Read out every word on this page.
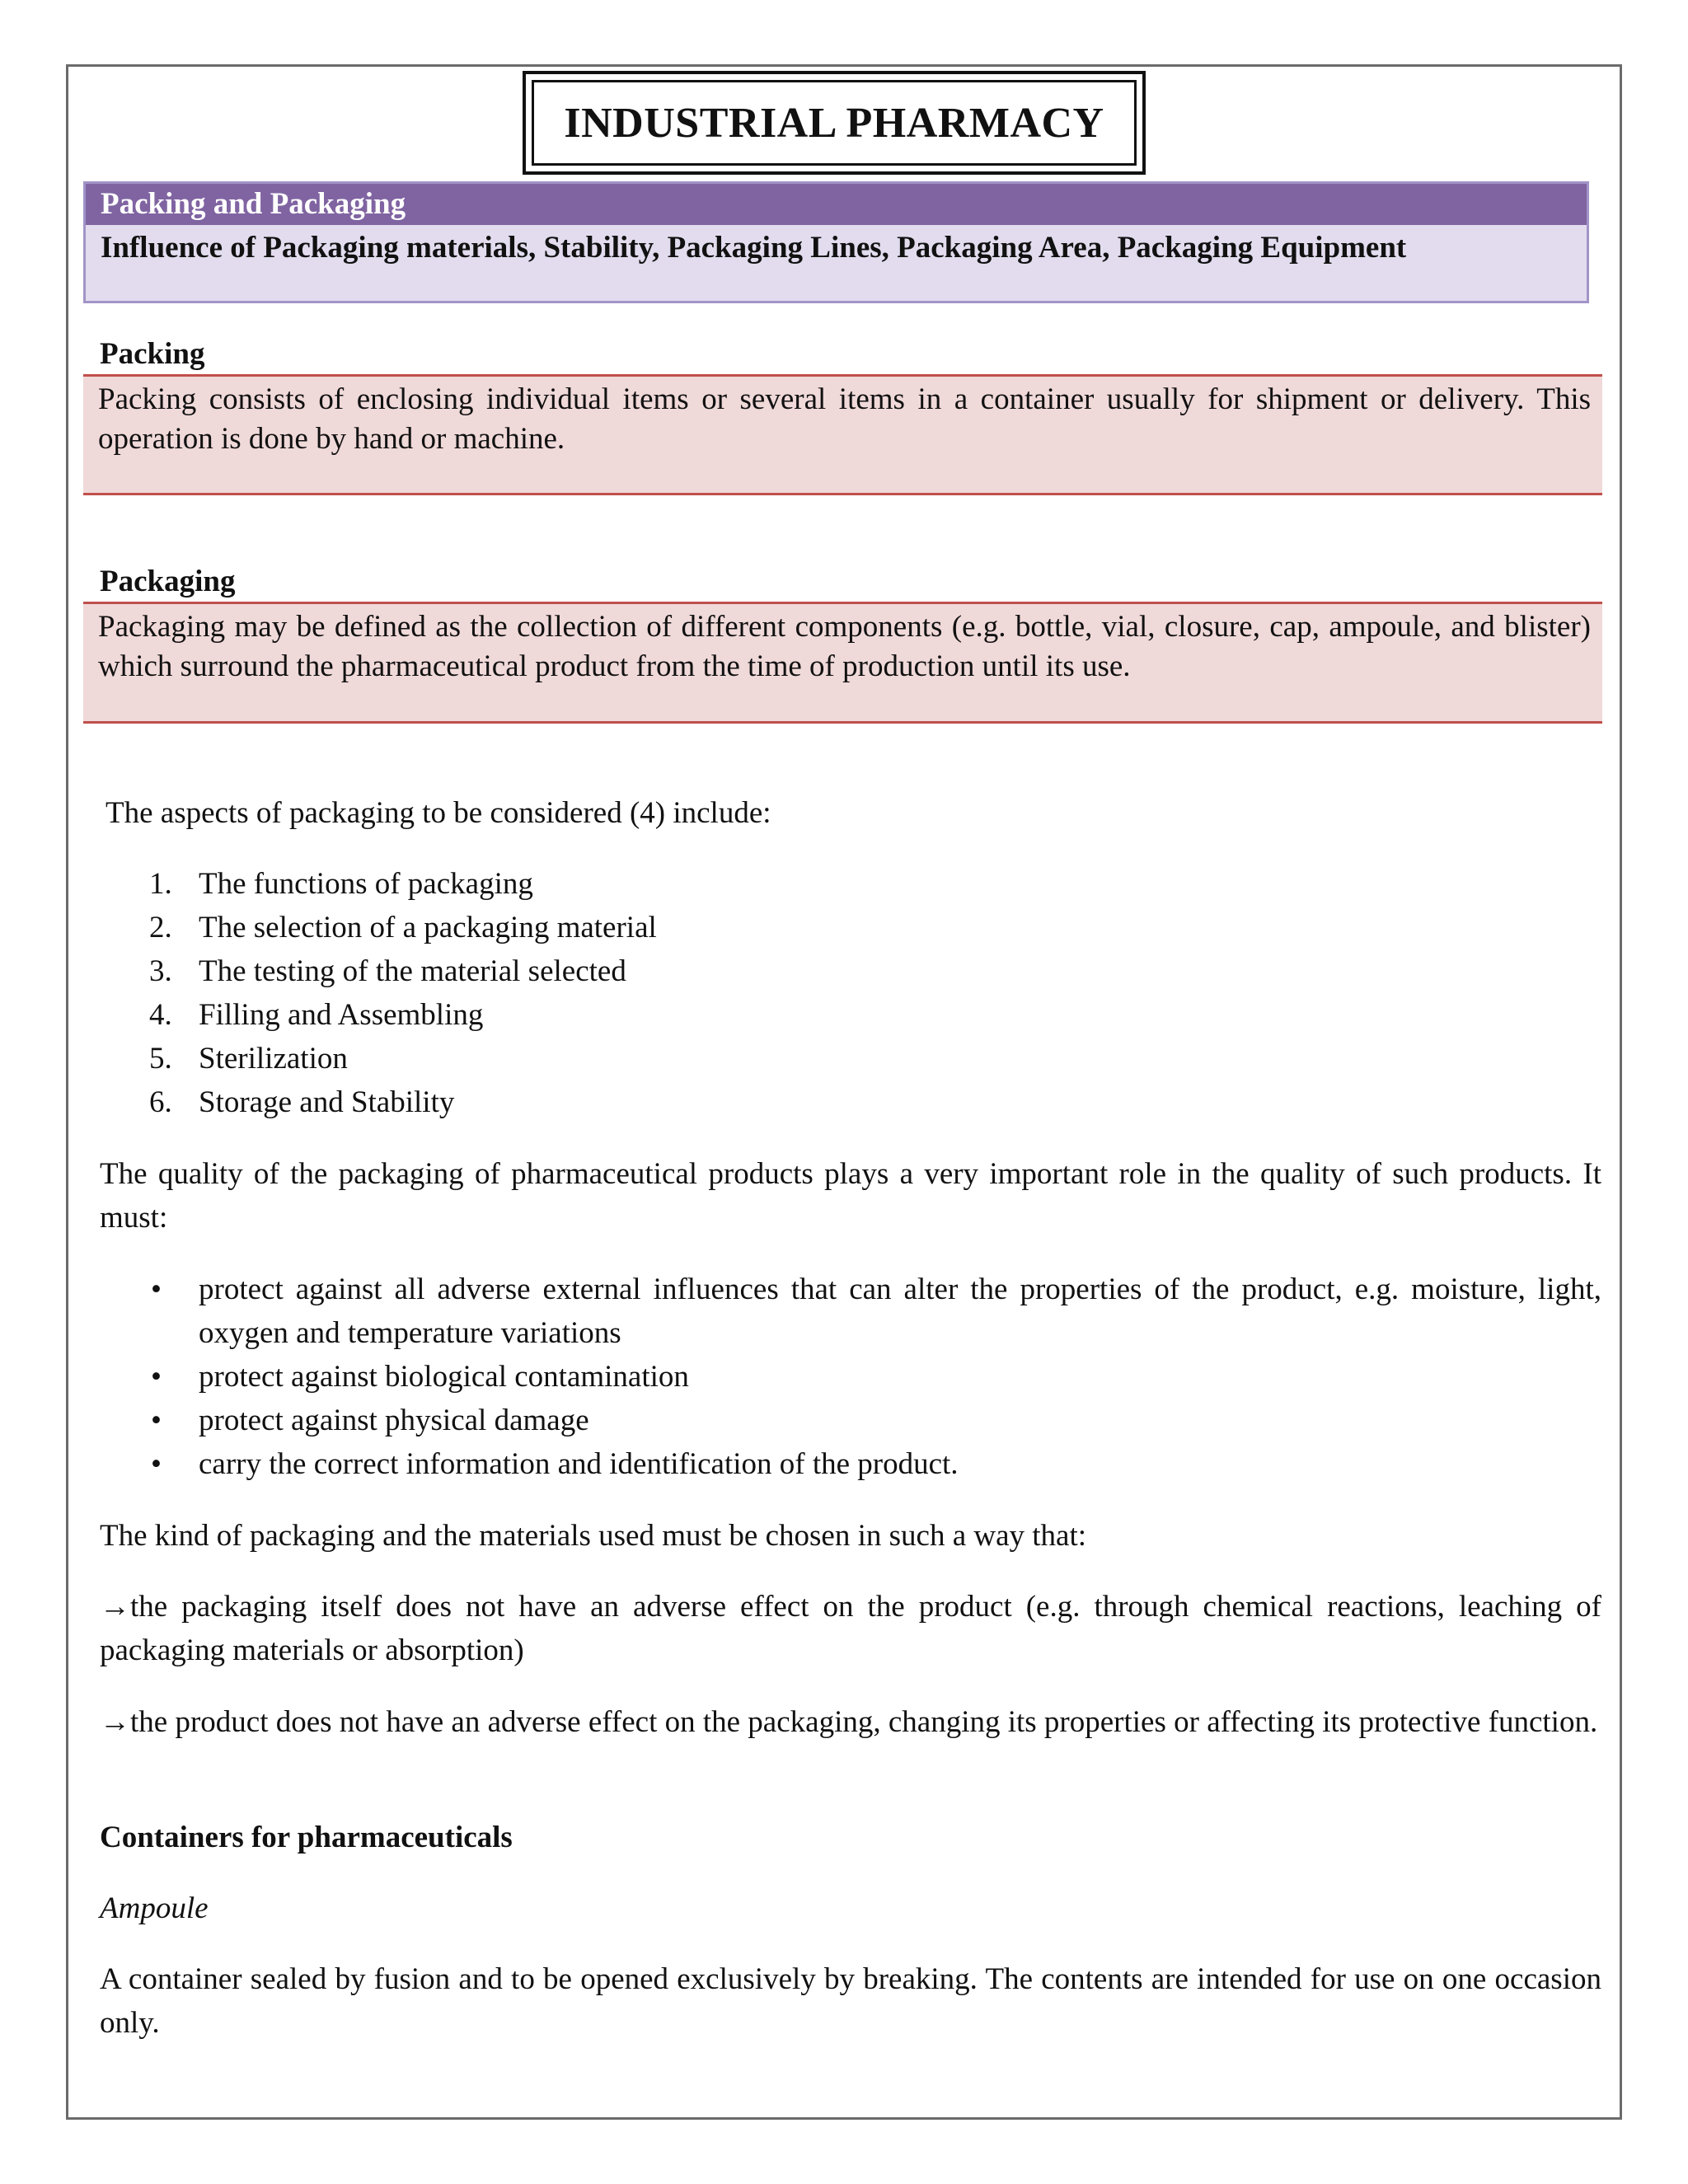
INDUSTRIAL PHARMACY
Packing and Packaging
Influence of Packaging materials, Stability, Packaging Lines, Packaging Area, Packaging Equipment
Packing
Packing consists of enclosing individual items or several items in a container usually for shipment or delivery. This operation is done by hand or machine.
Packaging
Packaging may be defined as the collection of different components (e.g. bottle, vial, closure, cap, ampoule, and blister) which surround the pharmaceutical product from the time of production until its use.
The aspects of packaging to be considered (4) include:
1. The functions of packaging
2. The selection of a packaging material
3. The testing of the material selected
4. Filling and Assembling
5. Sterilization
6. Storage and Stability
The quality of the packaging of pharmaceutical products plays a very important role in the quality of such products. It must:
•	protect against all adverse external influences that can alter the properties of the product, e.g. moisture, light, oxygen and temperature variations
•	protect against biological contamination
•	protect against physical damage
•	carry the correct information and identification of the product.
The kind of packaging and the materials used must be chosen in such a way that:
→the packaging itself does not have an adverse effect on the product (e.g. through chemical reactions, leaching of packaging materials or absorption)
→the product does not have an adverse effect on the packaging, changing its properties or affecting its protective function.
Containers for pharmaceuticals
Ampoule
A container sealed by fusion and to be opened exclusively by breaking. The contents are intended for use on one occasion only.
